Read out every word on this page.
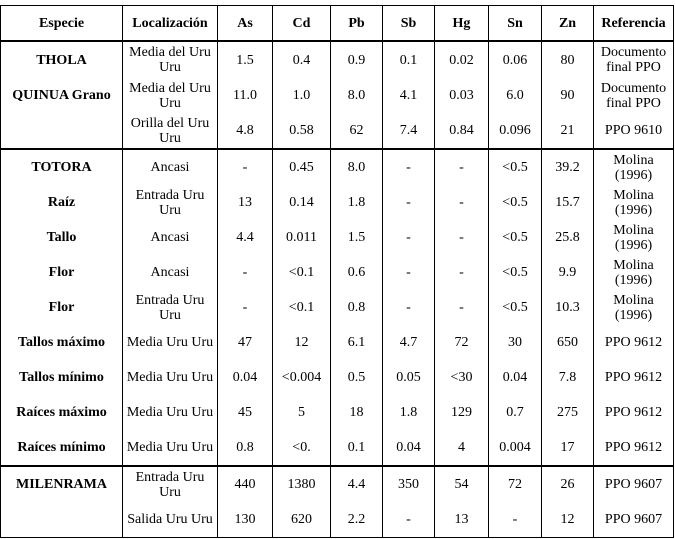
Especie	Localización	As	Cd	Pb	Sb	Hg	Sn	Zn	Referencia
THOLA	Media del Uru Uru	1.5	0.4	0.9	0.1	0.02	0.06	80	Documento final PPO
QUINUA Grano	Media del Uru Uru	11.0	1.0	8.0	4.1	0.03	6.0	90	Documento final PPO
	Orilla del Uru Uru	4.8	0.58	62	7.4	0.84	0.096	21	PPO 9610
TOTORA	Ancasi	-	0.45	8.0	-	-	<0.5	39.2	Molina (1996)
Raíz	Entrada Uru Uru	13	0.14	1.8	-	-	<0.5	15.7	Molina (1996)
Tallo	Ancasi	4.4	0.011	1.5	-	-	<0.5	25.8	Molina (1996)
Flor	Ancasi	-	<0.1	0.6	-	-	<0.5	9.9	Molina (1996)
Flor	Entrada Uru Uru	-	<0.1	0.8	-	-	<0.5	10.3	Molina (1996)
Tallos máximo	Media Uru Uru	47	12	6.1	4.7	72	30	650	PPO 9612
Tallos mínimo	Media Uru Uru	0.04	<0.004	0.5	0.05	<30	0.04	7.8	PPO 9612
Raíces máximo	Media Uru Uru	45	5	18	1.8	129	0.7	275	PPO 9612
Raíces mínimo	Media Uru Uru	0.8	<0.	0.1	0.04	4	0.004	17	PPO 9612
MILENRAMA	Entrada Uru Uru	440	1380	4.4	350	54	72	26	PPO 9607
	Salida Uru Uru	130	620	2.2	-	13	-	12	PPO 9607
